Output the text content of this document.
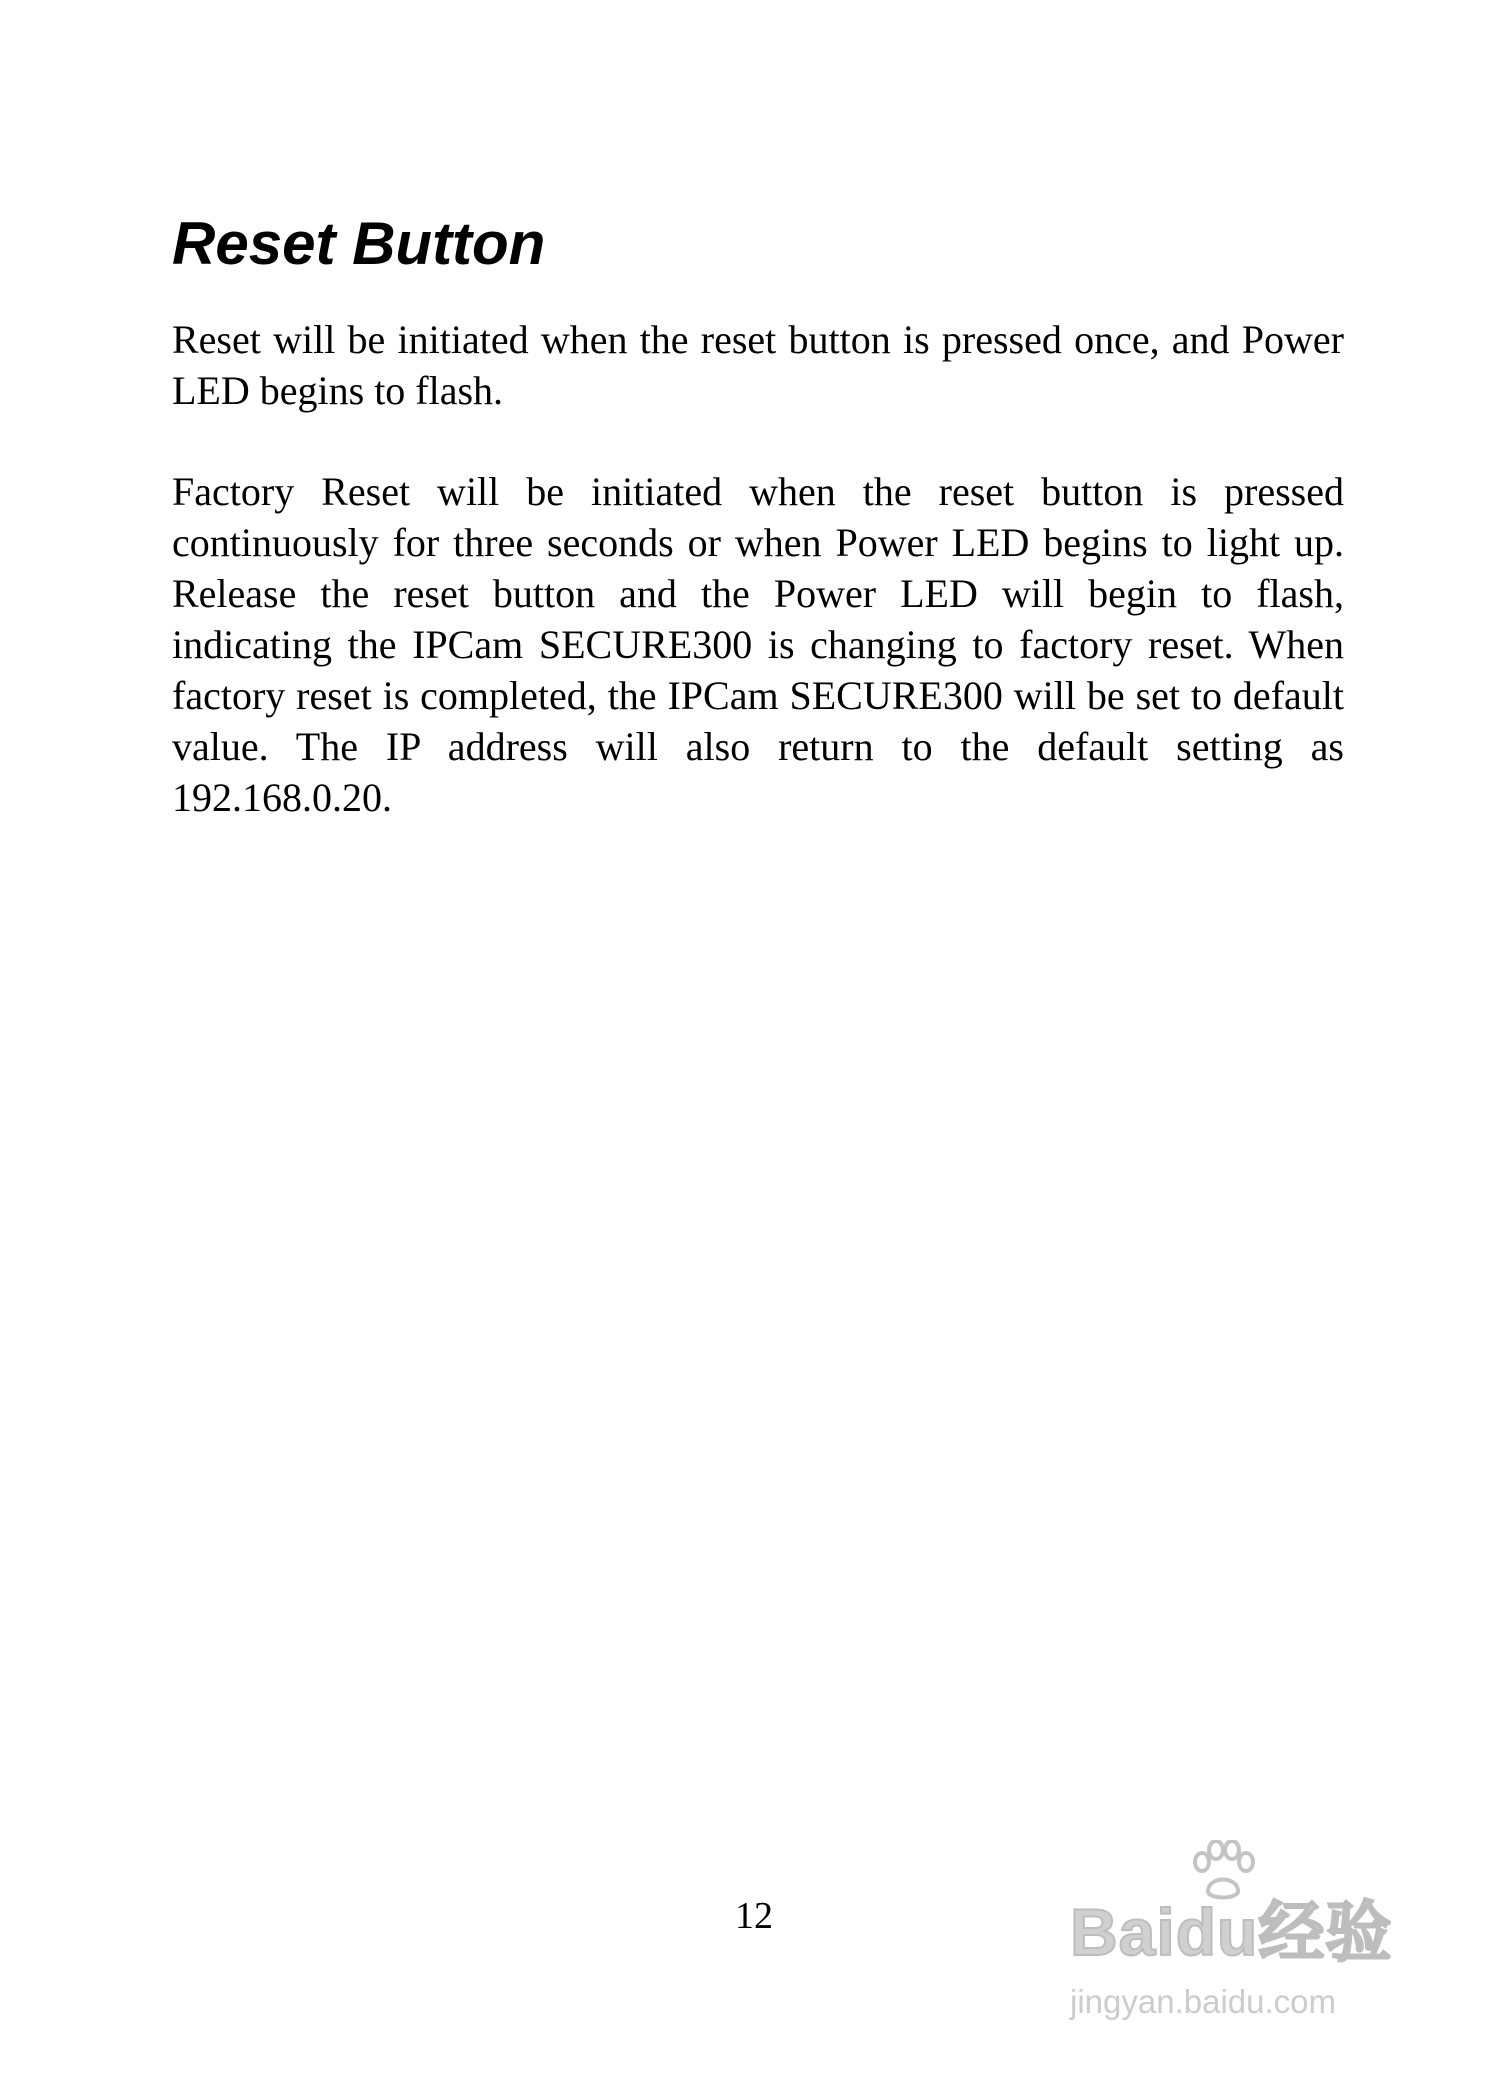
Reset Button

Reset will be initiated when the reset button is pressed once, and Power LED begins to flash.

Factory Reset will be initiated when the reset button is pressed continuously for three seconds or when Power LED begins to light up. Release the reset button and the Power LED will begin to flash, indicating the IPCam SECURE300 is changing to factory reset. When factory reset is completed, the IPCam SECURE300 will be set to default value. The IP address will also return to the default setting as 192.168.0.20.

12	Baidu经验
jingyan.baidu.com
